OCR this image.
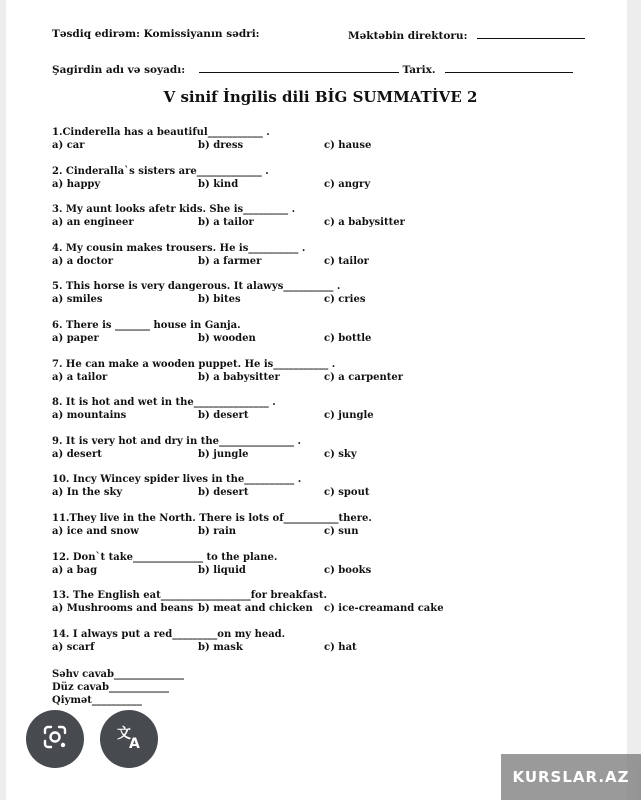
Təsdiq edirəm: Komissiyanın sədri:	Məktəbin direktoru:
Şagirdin adı və soyadı:	Tarix.
V sinif İngilis dili BİG SUMMATİVE 2
1.Cinderella has a beautiful___________ .
a) car	b) dress	c) hause
2. Cinderalla`s sisters are_____________ .
a) happy	b) kind	c) angry
3. My aunt looks afetr kids. She is_________ .
a) an engineer	b) a tailor	c) a babysitter
4. My cousin makes trousers. He is__________ .
a) a doctor	b) a farmer	c) tailor
5. This horse is very dangerous. It alawys__________ .
a) smiles	b) bites	c) cries
6. There is _______ house in Ganja.
a) paper	b) wooden	c) bottle
7. He can make a wooden puppet. He is___________ .
a) a tailor	b) a babysitter	c) a carpenter
8. It is hot and wet in the_______________ .
a) mountains	b) desert	c) jungle
9. It is very hot and dry in the_______________ .
a) desert	b) jungle	c) sky
10. Incy Wincey spider lives in the__________ .
a) In the sky	b) desert	c) spout
11.They live in the North. There is lots of___________there.
a) ice and snow	b) rain	c) sun
12. Don`t take______________ to the plane.
a) a bag	b) liquid	c) books
13. The English eat__________________for breakfast.
a) Mushrooms and beans b) meat and chicken c) ice-creamand cake
14. I always put a red_________on my head.
a) scarf	b) mask	c) hat
Səhv cavab______________
Düz cavab____________
Qiymət__________
文
A
KURSLAR.AZ
